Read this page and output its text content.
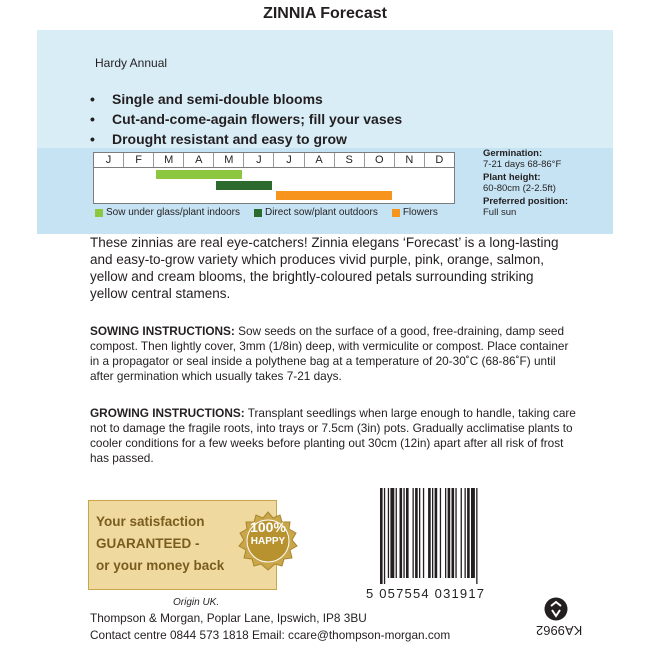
ZINNIA Forecast
Hardy Annual
• Single and semi-double blooms
• Cut-and-come-again flowers; fill your vases
• Drought resistant and easy to grow
J	F	M	A	M	J	J	A	S	O	N	D
Sow under glass/plant indoors	Direct sow/plant outdoors	Flowers
Germination:
7-21 days 68-86°F
Plant height:
60-80cm (2-2.5ft)
Preferred position:
Full sun
These zinnias are real eye-catchers! Zinnia elegans ‘Forecast’ is a long-lasting and easy-to-grow variety which produces vivid purple, pink, orange, salmon, yellow and cream blooms, the brightly-coloured petals surrounding striking yellow central stamens.
SOWING INSTRUCTIONS: Sow seeds on the surface of a good, free-draining, damp seed compost. Then lightly cover, 3mm (1/8in) deep, with vermiculite or compost. Place container in a propagator or seal inside a polythene bag at a temperature of 20-30˚C (68-86˚F) until after germination which usually takes 7-21 days.
GROWING INSTRUCTIONS: Transplant seedlings when large enough to handle, taking care not to damage the fragile roots, into trays or 7.5cm (3in) pots. Gradually acclimatise plants to cooler conditions for a few weeks before planting out 30cm (12in) apart after all risk of frost has passed.
Your satisfaction
GUARANTEED -
or your money back
100%
HAPPY
5 057554 031917
Origin UK.
Thompson & Morgan, Poplar Lane, Ipswich, IP8 3BU
Contact centre 0844 573 1818 Email: ccare@thompson-morgan.com	KA9962
